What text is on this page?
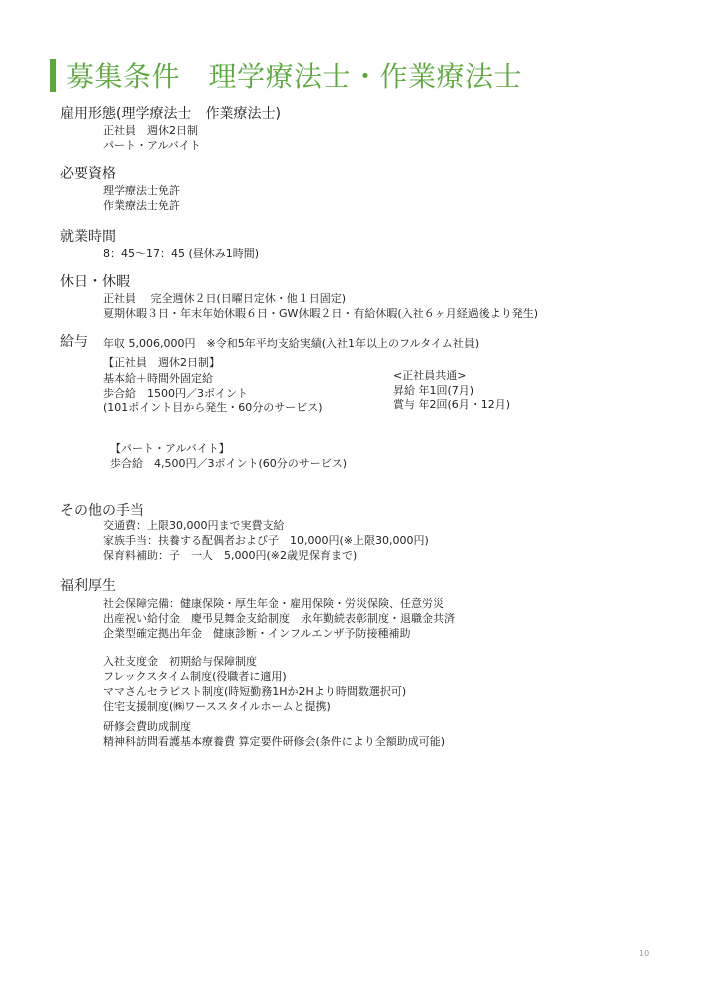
募集条件　理学療法士・作業療法士
雇用形態(理学療法士　作業療法士)
正社員　週休2日制
パート・アルバイト
必要資格
理学療法士免許
作業療法士免許
就業時間
8：45～17：45 (昼休み1時間)
休日・休暇
正社員　 完全週休２日(日曜日定休・他１日固定)
夏期休暇３日・年末年始休暇６日・GW休暇２日・有給休暇(入社６ヶ月経過後より発生)
給与 年収 5,006,000円　※令和5年平均支給実績(入社1年以上のフルタイム社員)
【正社員　週休2日制】
基本給＋時間外固定給
歩合給　1500円／3ポイント
(101ポイント目から発生・60分のサービス)
<正社員共通>
昇給 年1回(7月)
賞与 年2回(6月・12月)
【パート・アルバイト】
歩合給　4,500円／3ポイント(60分のサービス)
その他の手当
交通費：上限30,000円まで実費支給
家族手当：扶養する配偶者および子　10,000円(※上限30,000円)
保育料補助：子　一人　5,000円(※2歳児保育まで)
福利厚生
社会保障完備：健康保険・厚生年金・雇用保険・労災保険、任意労災
出産祝い給付金　慶弔見舞金支給制度　永年勤続表彰制度・退職金共済
企業型確定拠出年金　健康診断・インフルエンザ予防接種補助
入社支度金　初期給与保障制度
フレックスタイム制度(役職者に適用)
ママさんセラピスト制度(時短勤務1Hか2Hより時間数選択可)
住宅支援制度(㈱ワーススタイルホームと提携)
研修会費助成制度
精神科訪問看護基本療養費 算定要件研修会(条件により全額助成可能)
10
